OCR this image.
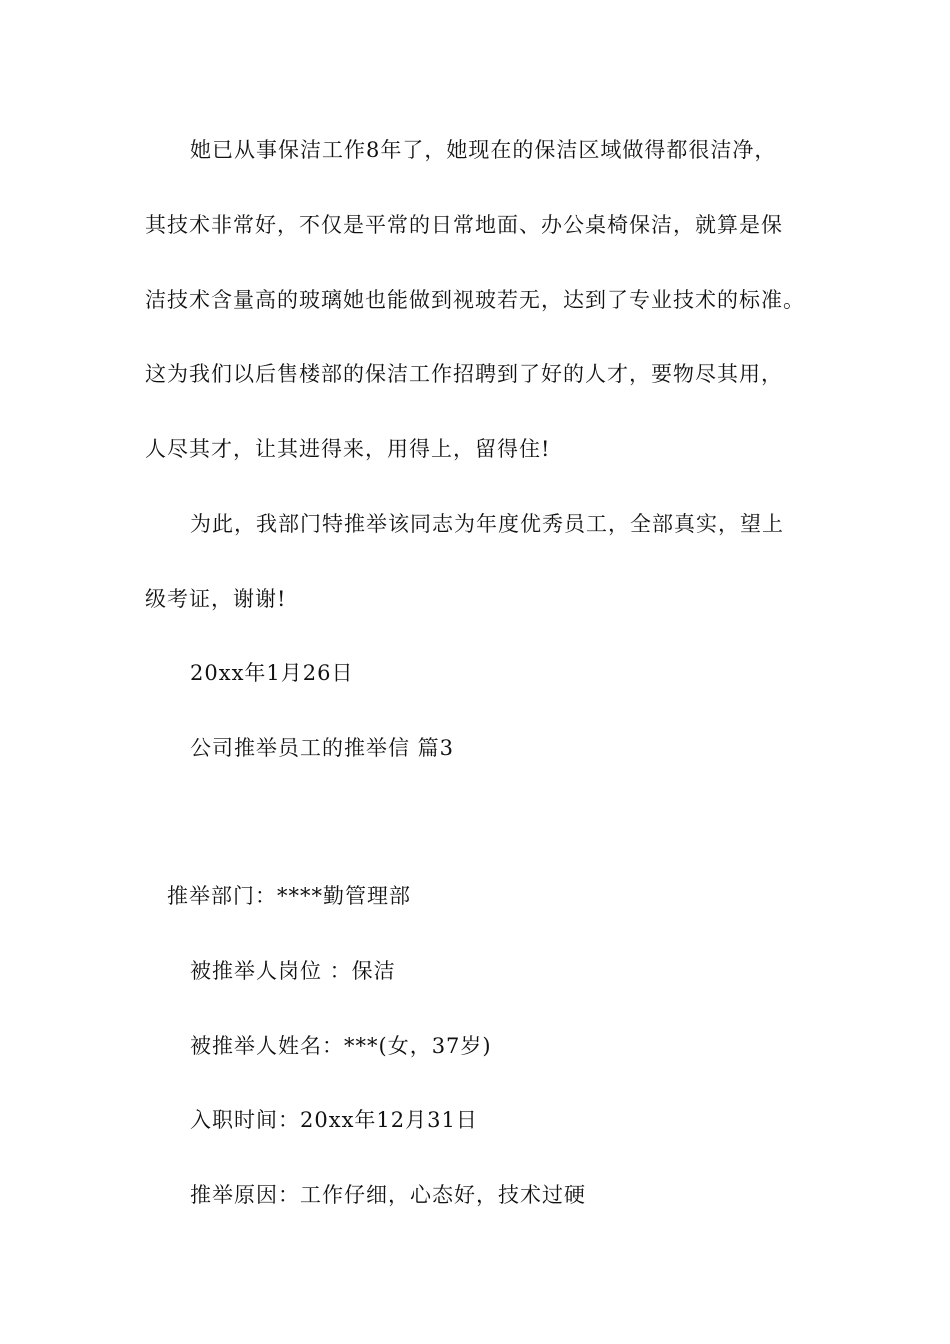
她已从事保洁工作8年了，她现在的保洁区域做得都很洁净，
其技术非常好，不仅是平常的日常地面、办公桌椅保洁，就算是保
洁技术含量高的玻璃她也能做到视玻若无，达到了专业技术的标准。
这为我们以后售楼部的保洁工作招聘到了好的人才，要物尽其用，
人尽其才，让其进得来，用得上，留得住!
为此，我部门特推举该同志为年度优秀员工，全部真实，望上
级考证，谢谢!
20xx年1月26日
公司推举员工的推举信 篇3
推举部门：****勤管理部
被推举人岗位 ：保洁
被推举人姓名：***(女，37岁)
入职时间：20xx年12月31日
推举原因：工作仔细，心态好，技术过硬
